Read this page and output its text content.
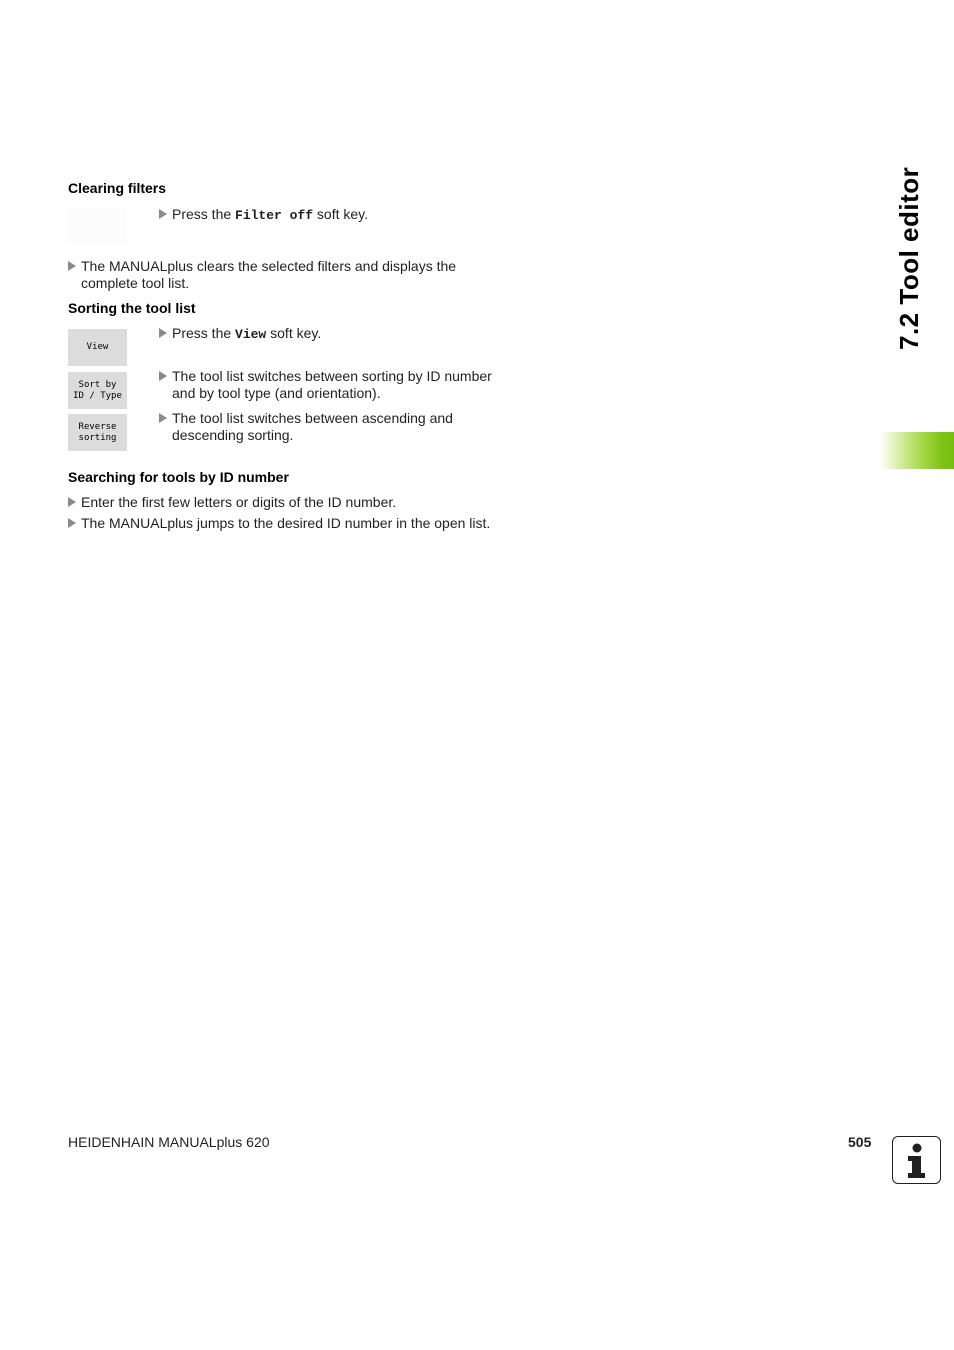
Clearing filters
Press the Filter off soft key.
The MANUALplus clears the selected filters and displays the
complete tool list.
Sorting the tool list
View
Sort by
ID / Type
Reverse
sorting
Press the View soft key.
The tool list switches between sorting by ID number
and by tool type (and orientation).
The tool list switches between ascending and
descending sorting.
Searching for tools by ID number
Enter the first few letters or digits of the ID number.
The MANUALplus jumps to the desired ID number in the open list.
7.2 Tool editor
HEIDENHAIN MANUALplus 620	505
